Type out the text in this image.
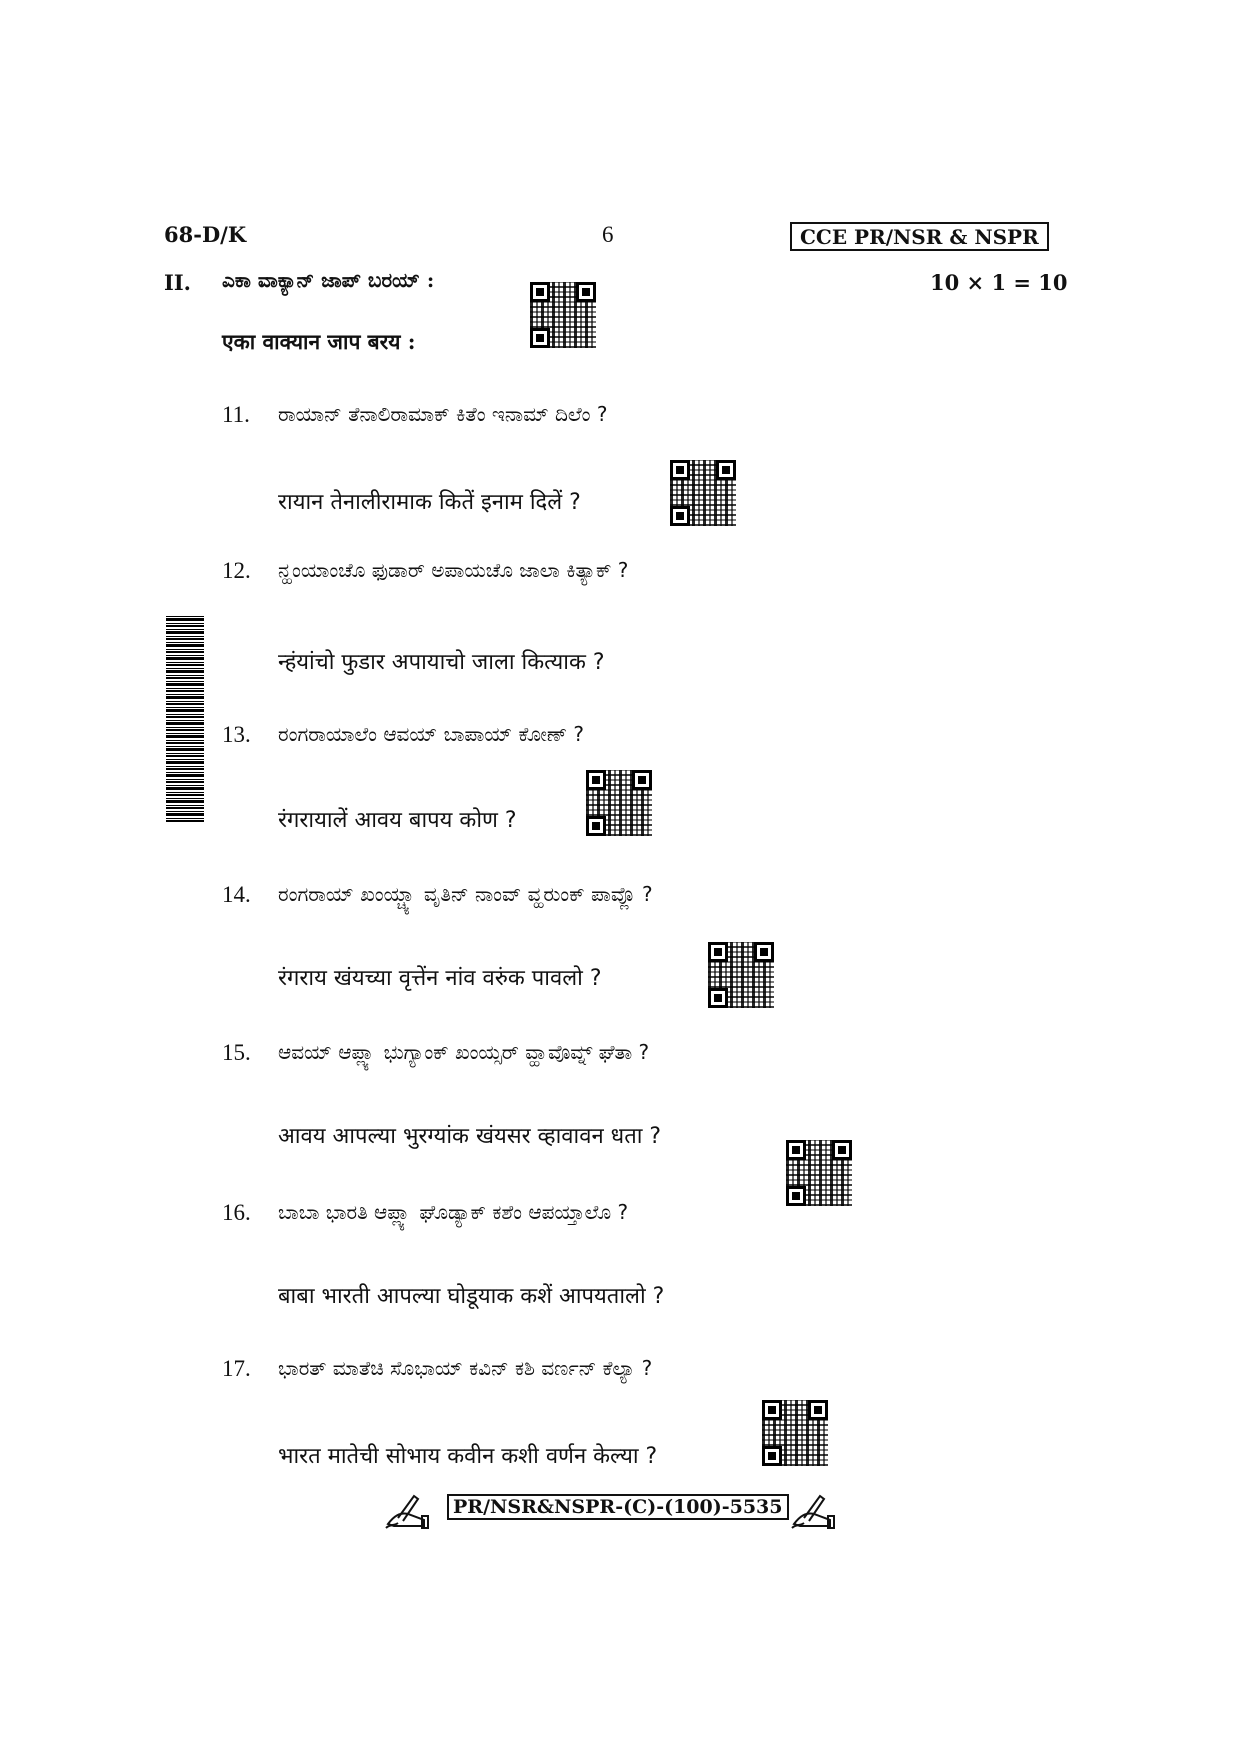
68-D/K	6	CCE PR/NSR & NSPR
II. ಎಕಾ ವಾಕ್ಯಾನ್ ಜಾಪ್ ಬರಯ್ :
एका वाक्यान जाप बरय :
10 × 1 = 10
11. ರಾಯಾನ್ ತೆನಾಲಿರಾಮಾಕ್ ಕಿತೆಂ ಇನಾಮ್ ದಿಲೆಂ ?
रायान तेनालीरामाक कितें इनाम दिलें ?
12. ನ್ಹಂಯಾಂಚೊ ಫುಡಾರ್ ಅಪಾಯಚೊ ಜಾಲಾ ಕಿತ್ಯಾಕ್ ?
न्हंयांचो फुडार अपायाचो जाला कित्याक ?
13. ರಂಗರಾಯಾಲೆಂ ಆವಯ್ ಬಾಪಾಯ್ ಕೋಣ್ ?
रंगरायालें आवय बापय कोण ?
14. ರಂಗರಾಯ್ ಖಂಯ್ಚ್ಯಾ ವೃತಿನ್ ನಾಂವ್ ವ್ಹರುಂಕ್ ಪಾವ್ಲೊ ?
रंगराय खंयच्या वृत्तेंन नांव वरुंक पावलो ?
15. ಆವಯ್ ಆಪ್ಲ್ಯಾ ಭುಗ್ಯಾಂಕ್ ಖಂಯ್ಸರ್ ವ್ಹಾವೊವ್ನ್ ಘೆತಾ ?
आवय आपल्या भुरग्यांक खंयसर व्हावावन धता ?
16. ಬಾಬಾ ಭಾರತಿ ಆಪ್ಲ್ಯಾ ಘೊಡ್ಯಾಕ್ ಕಶೆಂ ಆಪಯ್ತಾಲೊ ?
बाबा भारती आपल्या घोडूयाक कशें आपयतालो ?
17. ಭಾರತ್ ಮಾತೆಚಿ ಸೊಭಾಯ್ ಕವಿನ್ ಕಶಿ ವರ್ಣನ್ ಕೆಲ್ಯಾ ?
भारत मातेची सोभाय कवीन कशी वर्णन केल्या ?
PR/NSR&NSPR-(C)-(100)-5535
